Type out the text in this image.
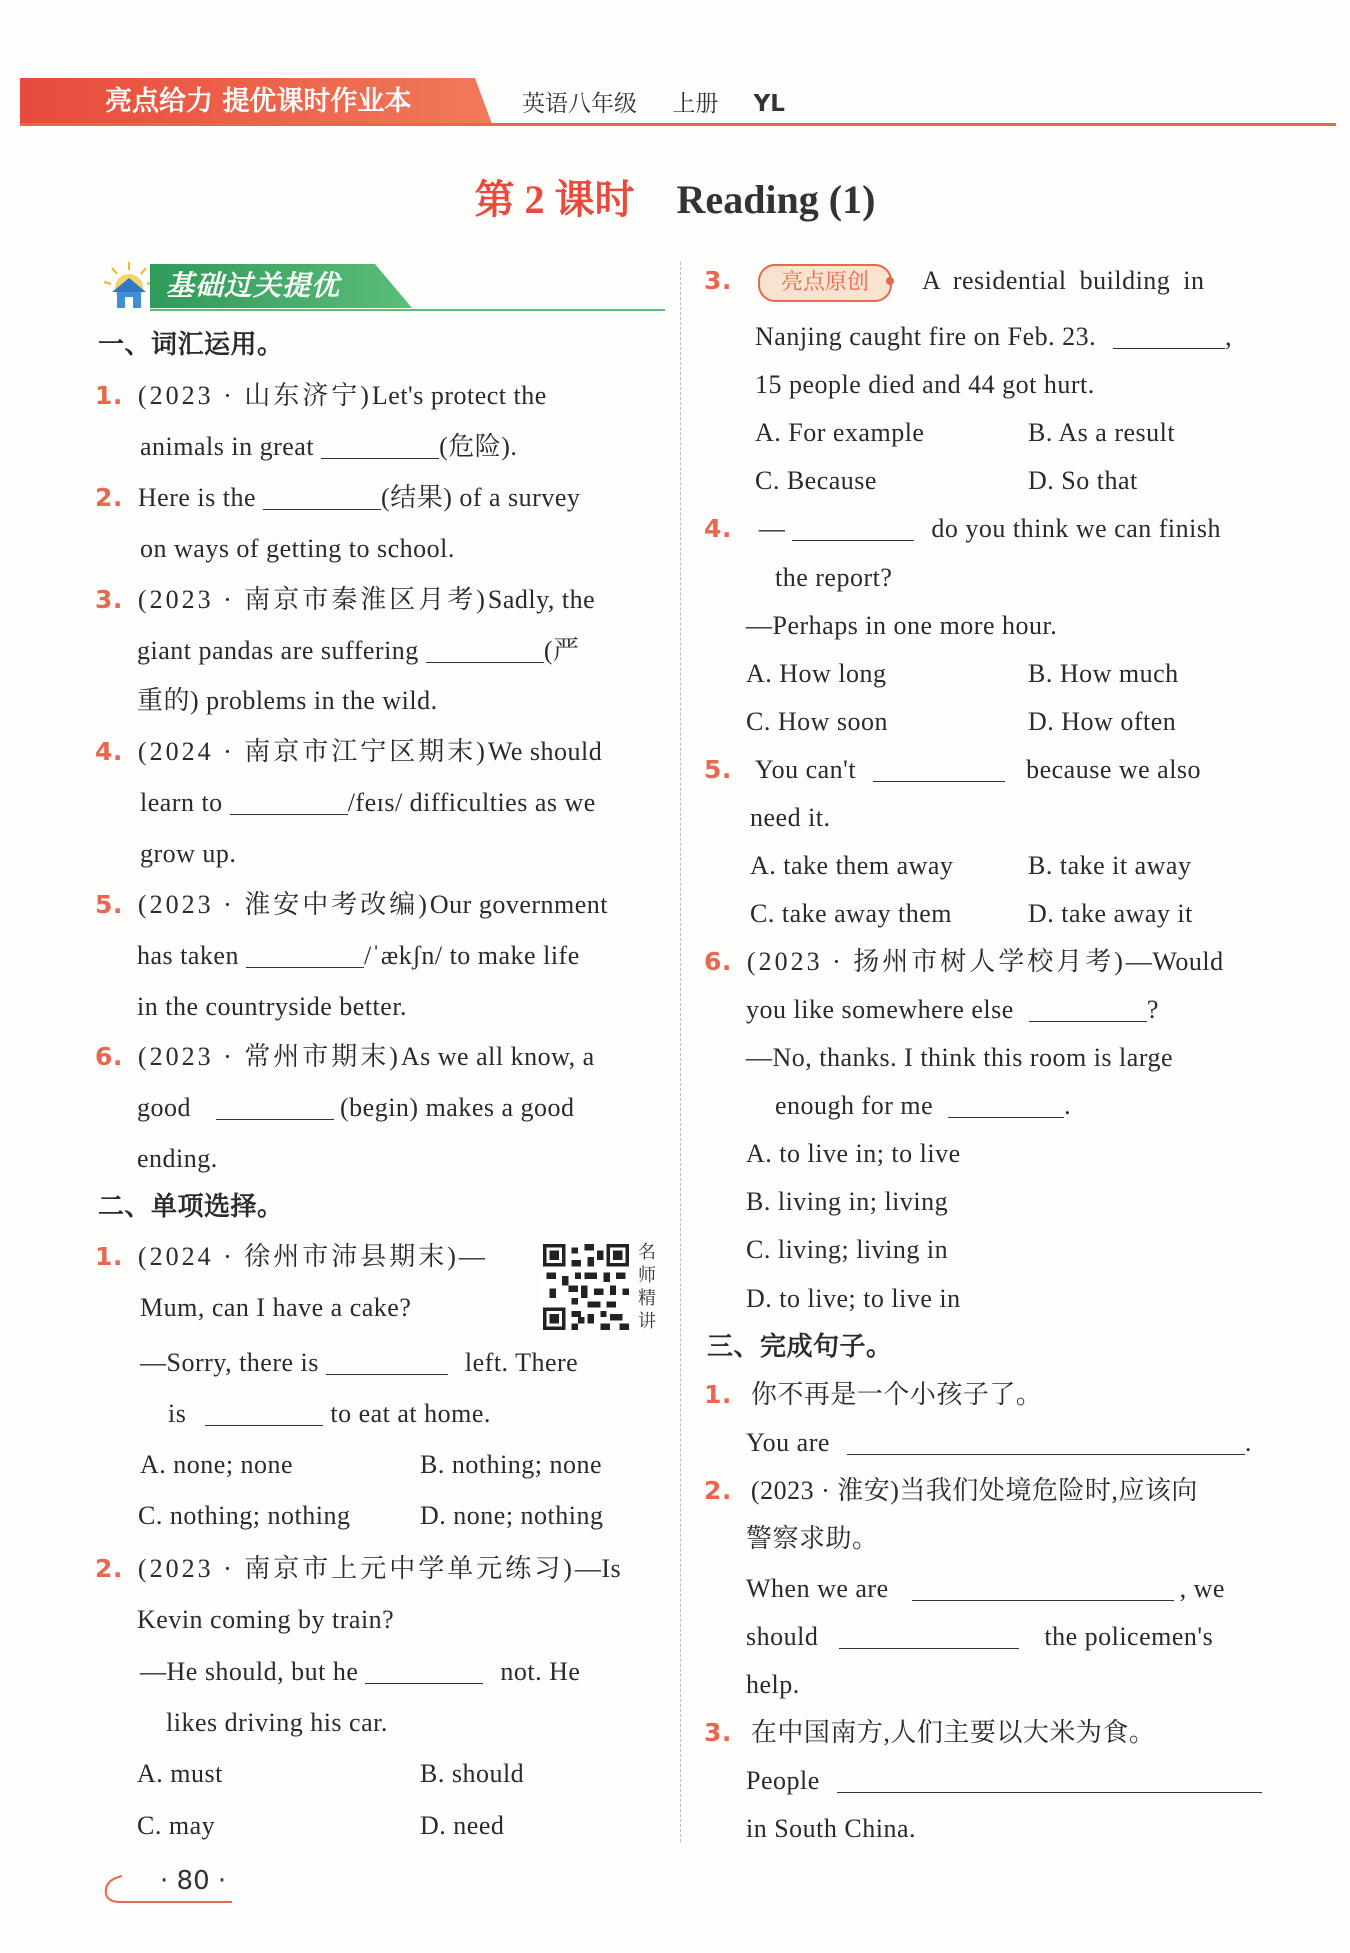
亮点给力 提优课时作业本	英语八年级 上册 YL
第 2 课时 Reading (1)
基础过关提优
一、词汇运用。
1. (2023 · 山东济宁)Let's protect the
animals in great	(危险).
2. Here is the	(结果) of a survey
on ways of getting to school.
3. (2023 · 南京市秦淮区月考)Sadly, the
giant pandas are suffering	(严
重的) problems in the wild.
4. (2024 · 南京市江宁区期末)We should
learn to	/feɪs/ difficulties as we
grow up.
5. (2023 · 淮安中考改编)Our government
has taken	/ˈækʃn/ to make life
in the countryside better.
6. (2023 · 常州市期末)As we all know, a
good	(begin) makes a good
ending.
二、单项选择。
1. (2024 · 徐州市沛县期末)—	名师精讲
Mum, can I have a cake?
—Sorry, there is	left. There
is	to eat at home.
A. none; none	B. nothing; none
C. nothing; nothing	D. none; nothing
2. (2023 · 南京市上元中学单元练习)—Is
Kevin coming by train?
—He should, but he	not. He
likes driving his car.
A. must	B. should
C. may	D. need
3.	亮点原创	A residential building in
Nanjing caught fire on Feb. 23.	,
15 people died and 44 got hurt.
A. For example	B. As a result
C. Because	D. So that
4. —	do you think we can finish
the report?
—Perhaps in one more hour.
A. How long	B. How much
C. How soon	D. How often
5. You can't	because we also
need it.
A. take them away	B. take it away
C. take away them	D. take away it
6. (2023 · 扬州市树人学校月考)—Would
you like somewhere else	?
—No, thanks. I think this room is large
enough for me	.
A. to live in; to live
B. living in; living
C. living; living in
D. to live; to live in
三、完成句子。
1. 你不再是一个小孩子了。
You are	.
2. (2023 · 淮安)当我们处境危险时,应该向
警察求助。
When we are	, we
should	the policemen's
help.
3. 在中国南方,人们主要以大米为食。
People
in South China.
· 80 ·
